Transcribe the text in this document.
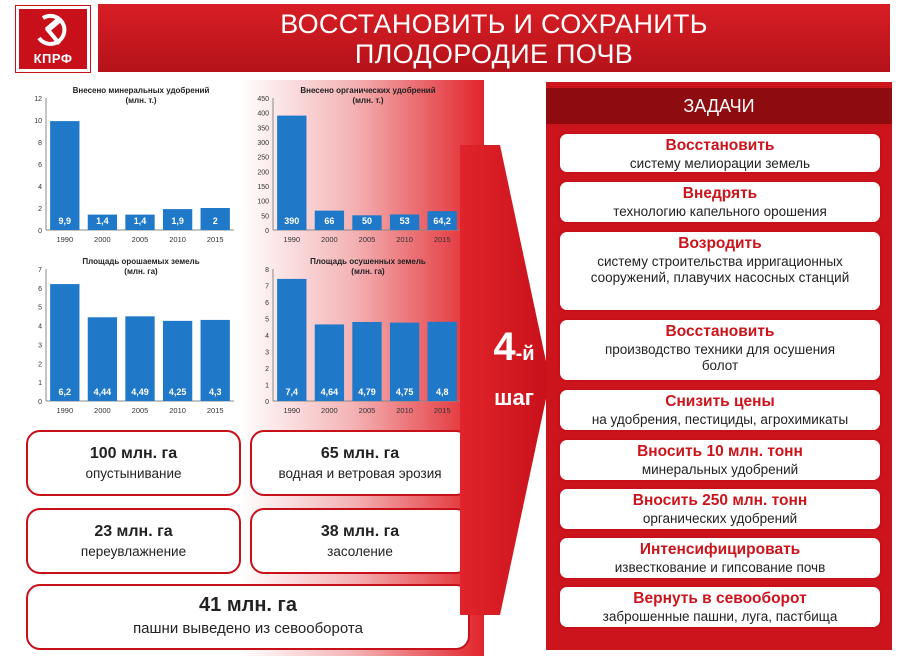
КПРФ
ВОССТАНОВИТЬ И СОХРАНИТЬ
ПЛОДОРОДИЕ ПОЧВ
0
2
4
6
8
10
12
9,9
1990
1,4
2000
1,4
2005
1,9
2010
2
2015
Внесено минеральных удобрений
(млн. т.)
0
50
100
150
200
250
300
350
400
450
390
1990
66
2000
50
2005
53
2010
64,2
2015
Внесено органических удобрений
(млн. т.)
0
1
2
3
4
5
6
7
6,2
1990
4,44
2000
4,49
2005
4,25
2010
4,3
2015
Площадь орошаемых земель
(млн. га)
0
1
2
3
4
5
6
7
8
7,4
1990
4,64
2000
4,79
2005
4,75
2010
4,8
2015
Площадь осушенных земель
(млн. га)
100 млн. га
опустынивание
65 млн. га
водная и ветровая эрозия
23 млн. га
переувлажнение
38 млн. га
засоление
41 млн. га
пашни выведено из севооборота
4-й
шаг
ЗАДАЧИ
Восстановить
систему мелиорации земель
Внедрять
технологию капельного орошения
Возродить
систему строительства ирригационных сооружений, плавучих насосных станций
Восстановить
производство техники для осушения болот
Снизить цены
на удобрения, пестициды, агрохимикаты
Вносить 10 млн. тонн
минеральных удобрений
Вносить 250 млн. тонн
органических удобрений
Интенсифицировать
известкование и гипсование почв
Вернуть в севооборот
заброшенные пашни, луга, пастбища
